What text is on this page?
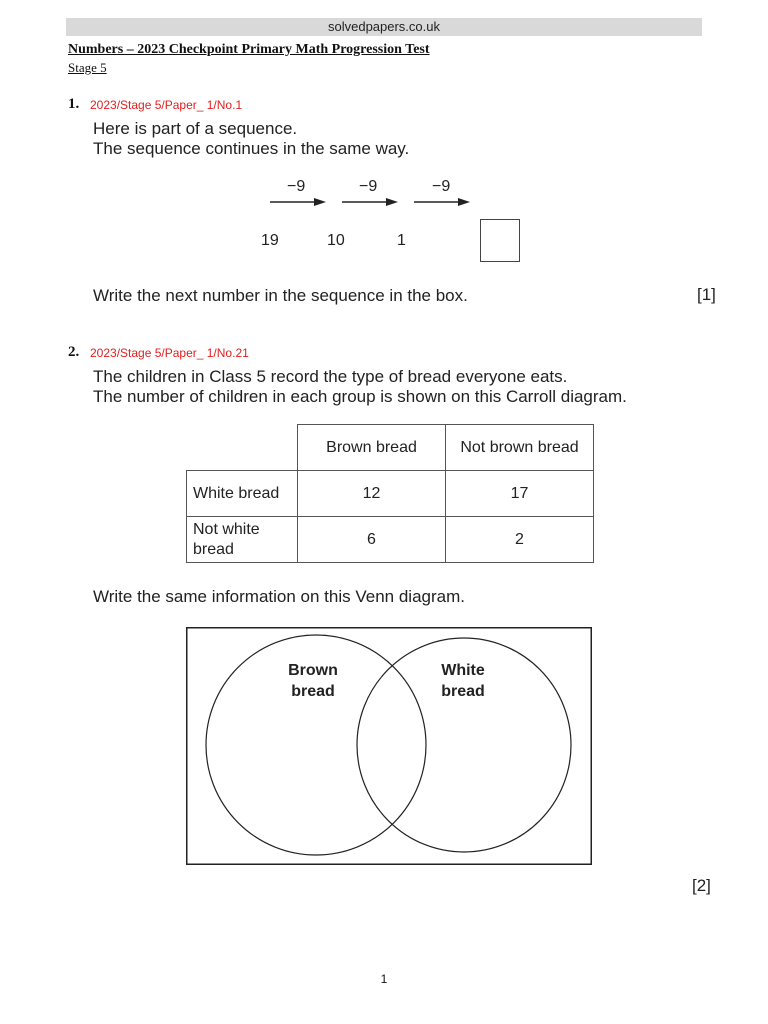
solvedpapers.co.uk
Numbers – 2023 Checkpoint Primary Math Progression Test
Stage 5
1. 2023/Stage 5/Paper_ 1/No.1
Here is part of a sequence.
The sequence continues in the same way.
−9	−9	−9
19	10	1
Write the next number in the sequence in the box.	[1]
2. 2023/Stage 5/Paper_ 1/No.21
The children in Class 5 record the type of bread everyone eats.
The number of children in each group is shown on this Carroll diagram.
	Brown bread	Not brown bread
White bread	12	17
Not white bread	6	2
Write the same information on this Venn diagram.
Brown
bread
White
bread
[2]
1
